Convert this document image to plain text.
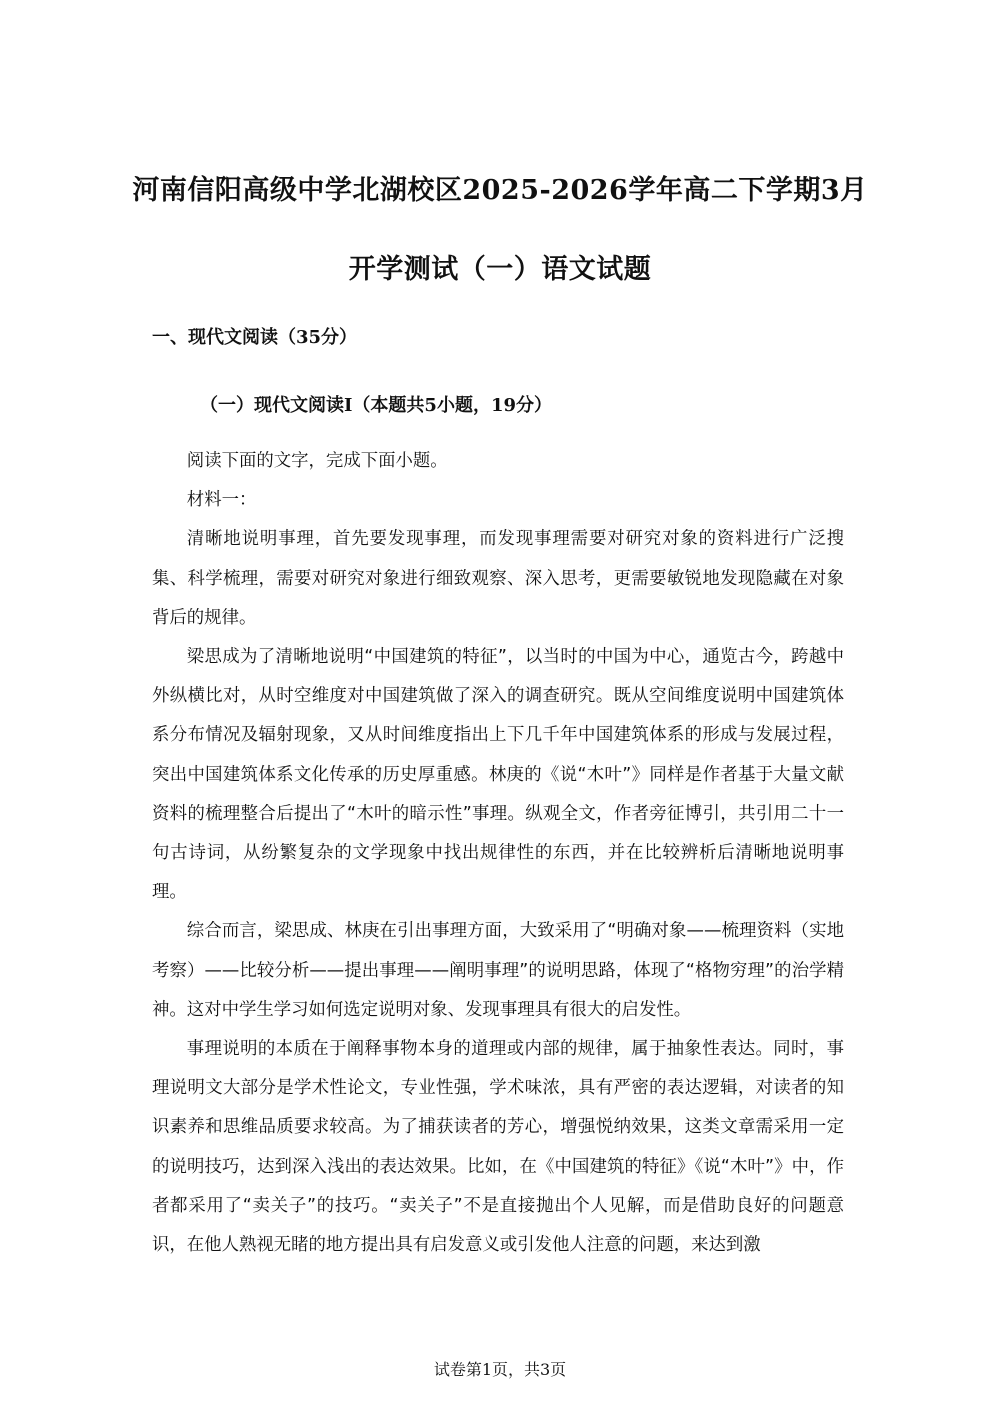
河南信阳高级中学北湖校区2025-2026学年高二下学期3月
开学测试（一）语文试题
一、现代文阅读（35分）
（一）现代文阅读I（本题共5小题，19分）

阅读下面的文字，完成下面小题。

材料一：

清晰地说明事理，首先要发现事理，而发现事理需要对研究对象的资料进行广泛搜集、科学梳理，需要对研究对象进行细致观察、深入思考，更需要敏锐地发现隐藏在对象背后的规律。

梁思成为了清晰地说明“中国建筑的特征”，以当时的中国为中心，通览古今，跨越中外纵横比对，从时空维度对中国建筑做了深入的调查研究。既从空间维度说明中国建筑体系分布情况及辐射现象，又从时间维度指出上下几千年中国建筑体系的形成与发展过程，突出中国建筑体系文化传承的历史厚重感。林庚的《说“木叶”》同样是作者基于大量文献资料的梳理整合后提出了“木叶的暗示性”事理。纵观全文，作者旁征博引，共引用二十一句古诗词，从纷繁复杂的文学现象中找出规律性的东西，并在比较辨析后清晰地说明事理。

综合而言，梁思成、林庚在引出事理方面，大致采用了“明确对象——梳理资料（实地考察）——比较分析——提出事理——阐明事理”的说明思路，体现了“格物穷理”的治学精神。这对中学生学习如何选定说明对象、发现事理具有很大的启发性。

事理说明的本质在于阐释事物本身的道理或内部的规律，属于抽象性表达。同时，事理说明文大部分是学术性论文，专业性强，学术味浓，具有严密的表达逻辑，对读者的知识素养和思维品质要求较高。为了捕获读者的芳心，增强悦纳效果，这类文章需采用一定的说明技巧，达到深入浅出的表达效果。比如，在《中国建筑的特征》《说“木叶”》中，作者都采用了“卖关子”的技巧。“卖关子”不是直接抛出个人见解，而是借助良好的问题意识，在他人熟视无睹的地方提出具有启发意义或引发他人注意的问题，来达到激

试卷第1页，共3页
